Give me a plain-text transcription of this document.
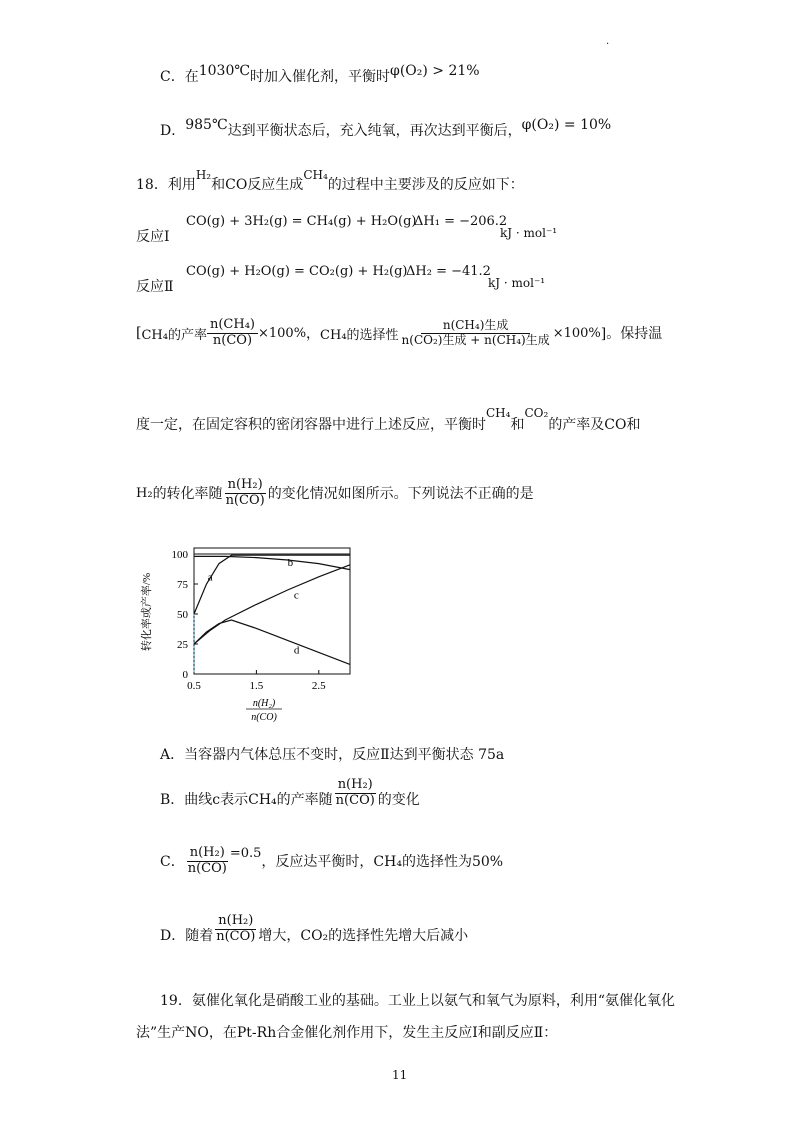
.
C．在1030℃时加入催化剂，平衡时φ(O₂) > 21%
D．985℃达到平衡状态后，充入纯氧，再次达到平衡后，φ(O₂) = 10%
18．利用H₂和CO反应生成CH₄的过程中主要涉及的反应如下：
反应Ⅰ
CO(g) + 3H₂(g) = CH₄(g) + H₂O(g)
ΔH₁ = −206.2
kJ · mol⁻¹
反应Ⅱ
CO(g) + H₂O(g) = CO₂(g) + H₂(g)
ΔH₂ = −41.2
kJ · mol⁻¹
[ CH₄的产率 $\frac{\text{n(CH₄)}}{n(CO)} \times 100\%$ ， CH₄的选择性 $\frac{\text{n(CH₄)生成}}{\text{n(CO₂)生成 + n(CH₄)生成}} \times 100\%$ ]。保持温
度一定，在固定容积的密闭容器中进行上述反应，平衡时CH₄和CO₂的产率及CO和
H₂ 的转化率随 $\frac{\text{n(H₂)}}{n(CO)}$ 的变化情况如图所示。下列说法不正确的是
0
25
50
75
100
0.5	1.5	2.5
a
b
c
d
转化率或产率/%
n(H₂)
n(CO)
A．当容器内气体总压不变时，反应Ⅱ达到平衡状态 75a
B．曲线c表示CH₄的产率随 $\frac{\text{n(H₂)}}{n(CO)}$ 的变化
C． $\frac{\text{n(H₂)}}{n(CO)} =0.5$
，反应达平衡时，CH₄的选择性为50%
D．随着 $\frac{\text{n(H₂)}}{n(CO)}$ 增大，CO₂的选择性先增大后减小
19．氨催化氧化是硝酸工业的基础。工业上以氨气和氧气为原料，利用“氨催化氧化
法”生产NO，在Pt-Rh合金催化剂作用下，发生主反应Ⅰ和副反应Ⅱ：
11
